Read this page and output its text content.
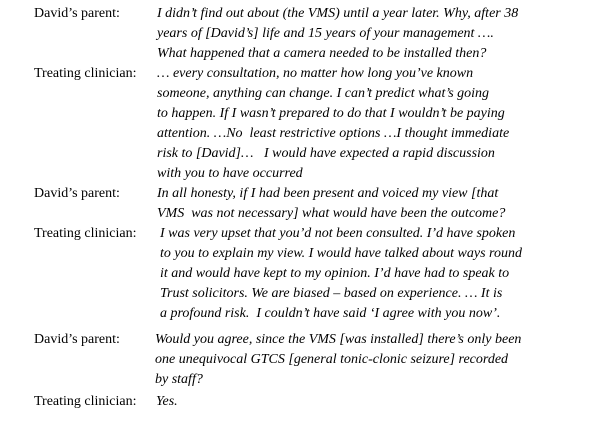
David’s parent:	I didn’t find out about (the VMS) until a year later. Why, after 38
years of [David’s] life and 15 years of your management ….
What happened that a camera needed to be installed then?
Treating clinician: … every consultation, no matter how long you’ve known
someone, anything can change. I can’t predict what’s going
to happen. If I wasn’t prepared to do that I wouldn’t be paying
attention. …No  least restrictive options …I thought immediate
risk to [David]…   I would have expected a rapid discussion
with you to have occurred
David’s parent:	In all honesty, if I had been present and voiced my view [that
VMS  was not necessary] what would have been the outcome?
Treating clinician: I was very upset that you’d not been consulted. I’d have spoken
to you to explain my view. I would have talked about ways round
it and would have kept to my opinion. I’d have had to speak to
Trust solicitors. We are biased – based on experience. … It is
a profound risk.  I couldn’t have said ‘I agree with you now’.
David’s parent:	Would you agree, since the VMS [was installed] there’s only been
one unequivocal GTCS [general tonic-clonic seizure] recorded
by staff?
Treating clinician: Yes.
